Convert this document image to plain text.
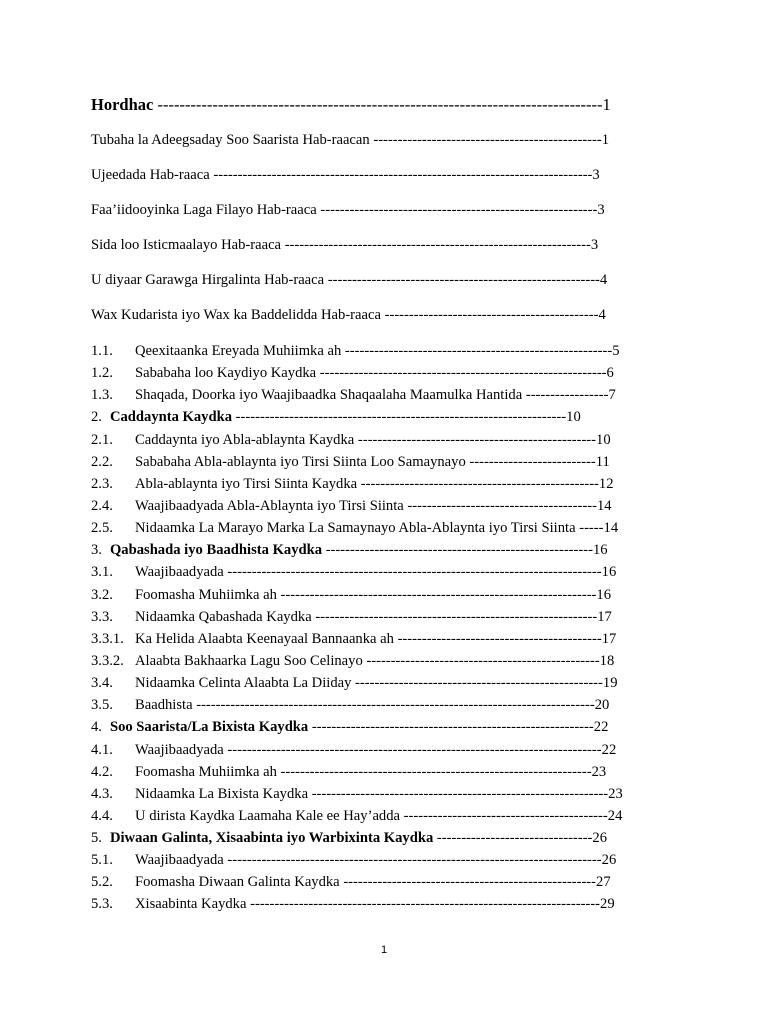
Hordhac ---------------------------------------------------------------------------------1
Tubaha la Adeegsaday Soo Saarista Hab-raacan -----------------------------------------------1
Ujeedada Hab-raaca ------------------------------------------------------------------------------3
Faa’iidooyinka Laga Filayo Hab-raaca ---------------------------------------------------------3
Sida loo Isticmaalayo Hab-raaca ---------------------------------------------------------------3
U diyaar Garawga Hirgalinta Hab-raaca --------------------------------------------------------4
Wax Kudarista iyo Wax ka Baddelidda Hab-raaca --------------------------------------------4
1.1. Qeexitaanka Ereyada Muhiimka ah -------------------------------------------------------5
1.2. Sababaha loo Kaydiyo Kaydka -----------------------------------------------------------6
1.3. Shaqada, Doorka iyo Waajibaadka Shaqaalaha Maamulka Hantida -----------------7
2. Caddaynta Kaydka --------------------------------------------------------------------10
2.1. Caddaynta iyo Abla-ablaynta Kaydka -------------------------------------------------10
2.2. Sababaha Abla-ablaynta iyo Tirsi Siinta Loo Samaynayo --------------------------11
2.3. Abla-ablaynta iyo Tirsi Siinta Kaydka -------------------------------------------------12
2.4. Waajibaadyada Abla-Ablaynta iyo Tirsi Siinta ---------------------------------------14
2.5. Nidaamka La Marayo Marka La Samaynayo Abla-Ablaynta iyo Tirsi Siinta -----14
3. Qabashada iyo Baadhista Kaydka -------------------------------------------------------16
3.1. Waajibaadyada -----------------------------------------------------------------------------16
3.2. Foomasha Muhiimka ah -----------------------------------------------------------------16
3.3. Nidaamka Qabashada Kaydka ----------------------------------------------------------17
3.3.1. Ka Helida Alaabta Keenayaal Bannaanka ah ------------------------------------------17
3.3.2. Alaabta Bakhaarka Lagu Soo Celinayo ------------------------------------------------18
3.4. Nidaamka Celinta Alaabta La Diiday ---------------------------------------------------19
3.5. Baadhista ----------------------------------------------------------------------------------20
4. Soo Saarista/La Bixista Kaydka ----------------------------------------------------------22
4.1. Waajibaadyada -----------------------------------------------------------------------------22
4.2. Foomasha Muhiimka ah ----------------------------------------------------------------23
4.3. Nidaamka La Bixista Kaydka -------------------------------------------------------------23
4.4. U dirista Kaydka Laamaha Kale ee Hay’adda ------------------------------------------24
5. Diwaan Galinta, Xisaabinta iyo Warbixinta Kaydka --------------------------------26
5.1. Waajibaadyada -----------------------------------------------------------------------------26
5.2. Foomasha Diwaan Galinta Kaydka ----------------------------------------------------27
5.3. Xisaabinta Kaydka ------------------------------------------------------------------------29
1
